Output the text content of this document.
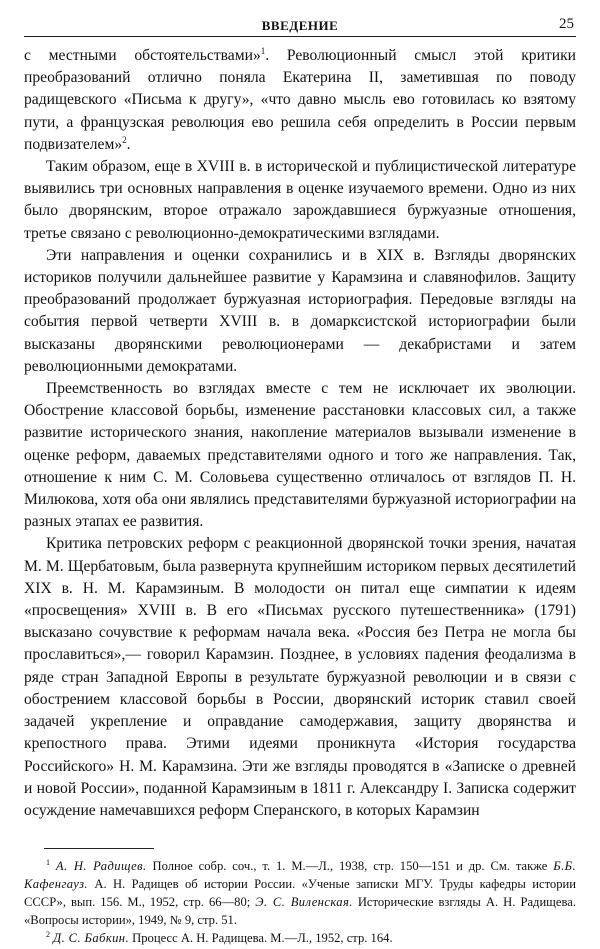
ВВЕДЕНИЕ	25

с местными обстоятельствами»$^1$. Революционный смысл этой критики преобразований отлично поняла Екатерина II, заметившая по поводу радищевского «Письма к другу», «что давно мысль ево готовилась ко взятому пути, а французская революция ево решила себя определить в России первым подвизателем»$^2$.

Таким образом, еще в XVIII в. в исторической и публицистической литературе выявились три основных направления в оценке изучаемого времени. Одно из них было дворянским, второе отражало зарождавшиеся буржуазные отношения, третье связано с революционно-демократическими взглядами.

Эти направления и оценки сохранились и в XIX в. Взгляды дворянских историков получили дальнейшее развитие у Карамзина и славянофилов. Защиту преобразований продолжает буржуазная историография. Передовые взгляды на события первой четверти XVIII в. в домарксистской историографии были высказаны дворянскими революционерами — декабристами и затем революционными демократами.

Преемственность во взглядах вместе с тем не исключает их эволюции. Обострение классовой борьбы, изменение расстановки классовых сил, а также развитие исторического знания, накопление материалов вызывали изменение в оценке реформ, даваемых представителями одного и того же направления. Так, отношение к ним С. М. Соловьева существенно отличалось от взглядов П. Н. Милюкова, хотя оба они являлись представителями буржуазной историографии на разных этапах ее развития.

Критика петровских реформ с реакционной дворянской точки зрения, начатая М. М. Щербатовым, была развернута крупнейшим историком первых десятилетий XIX в. Н. М. Карамзиным. В молодости он питал еще симпатии к идеям «просвещения» XVIII в. В его «Письмах русского путешественника» (1791) высказано сочувствие к реформам начала века. «Россия без Петра не могла бы прославиться»,— говорил Карамзин. Позднее, в условиях падения феодализма в ряде стран Западной Европы в результате буржуазной революции и в связи с обострением классовой борьбы в России, дворянский историк ставил своей задачей укрепление и оправдание самодержавия, защиту дворянства и крепостного права. Этими идеями проникнута «История государства Российского» Н. М. Карамзина. Эти же взгляды проводятся в «Записке о древней и новой России», поданной Карамзиным в 1811 г. Александру I. Записка содержит осуждение намечавшихся реформ Сперанского, в которых Карамзин

$^1$ А. Н. Радищев. Полное собр. соч., т. 1. М.—Л., 1938, стр. 150—151 и др. См. также Б.Б. Кафенгауз. А. Н. Радищев об истории России. «Ученые записки МГУ. Труды кафедры истории СССР», вып. 156. М., 1952, стр. 66—80; Э. С. Виленская. Исторические взгляды А. Н. Радищева. «Вопросы истории», 1949, № 9, стр. 51.

$^2$ Д. С. Бабкин. Процесс А. Н. Радищева. М.—Л., 1952, стр. 164.
